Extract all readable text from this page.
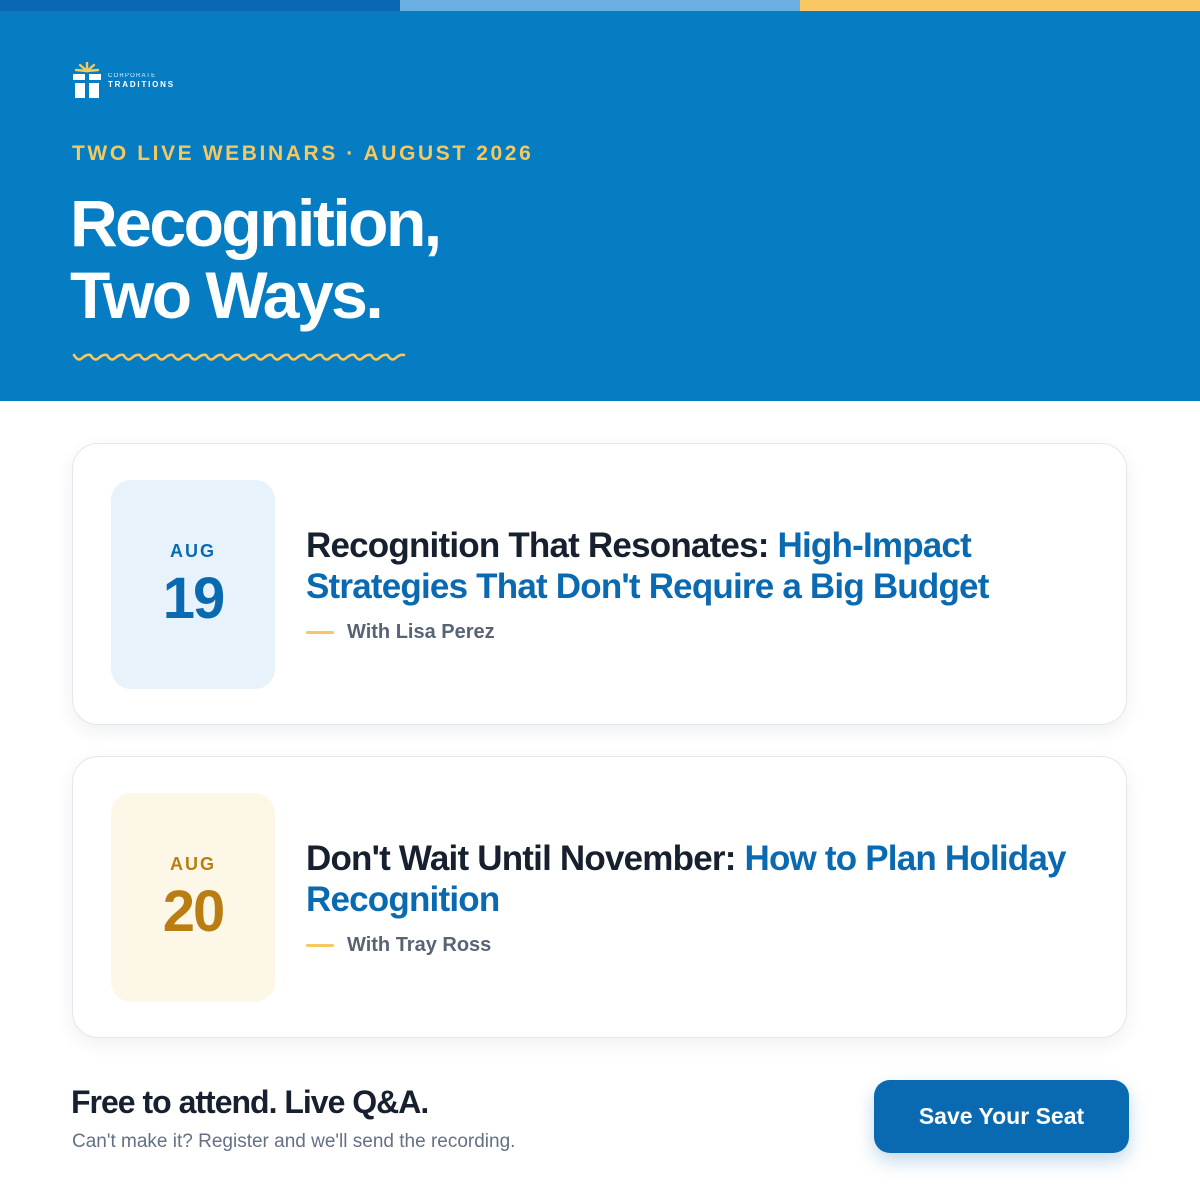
CORPORATE
TRADITIONS
TWO LIVE WEBINARS · AUGUST 2026
Recognition,
Two Ways.
AUG
19
Recognition That Resonates: High-Impact Strategies That Don't Require a Big Budget
With Lisa Perez
AUG
20
Don't Wait Until November: How to Plan Holiday Recognition
With Tray Ross
Free to attend. Live Q&A.
Can't make it? Register and we'll send the recording.
Save Your Seat
